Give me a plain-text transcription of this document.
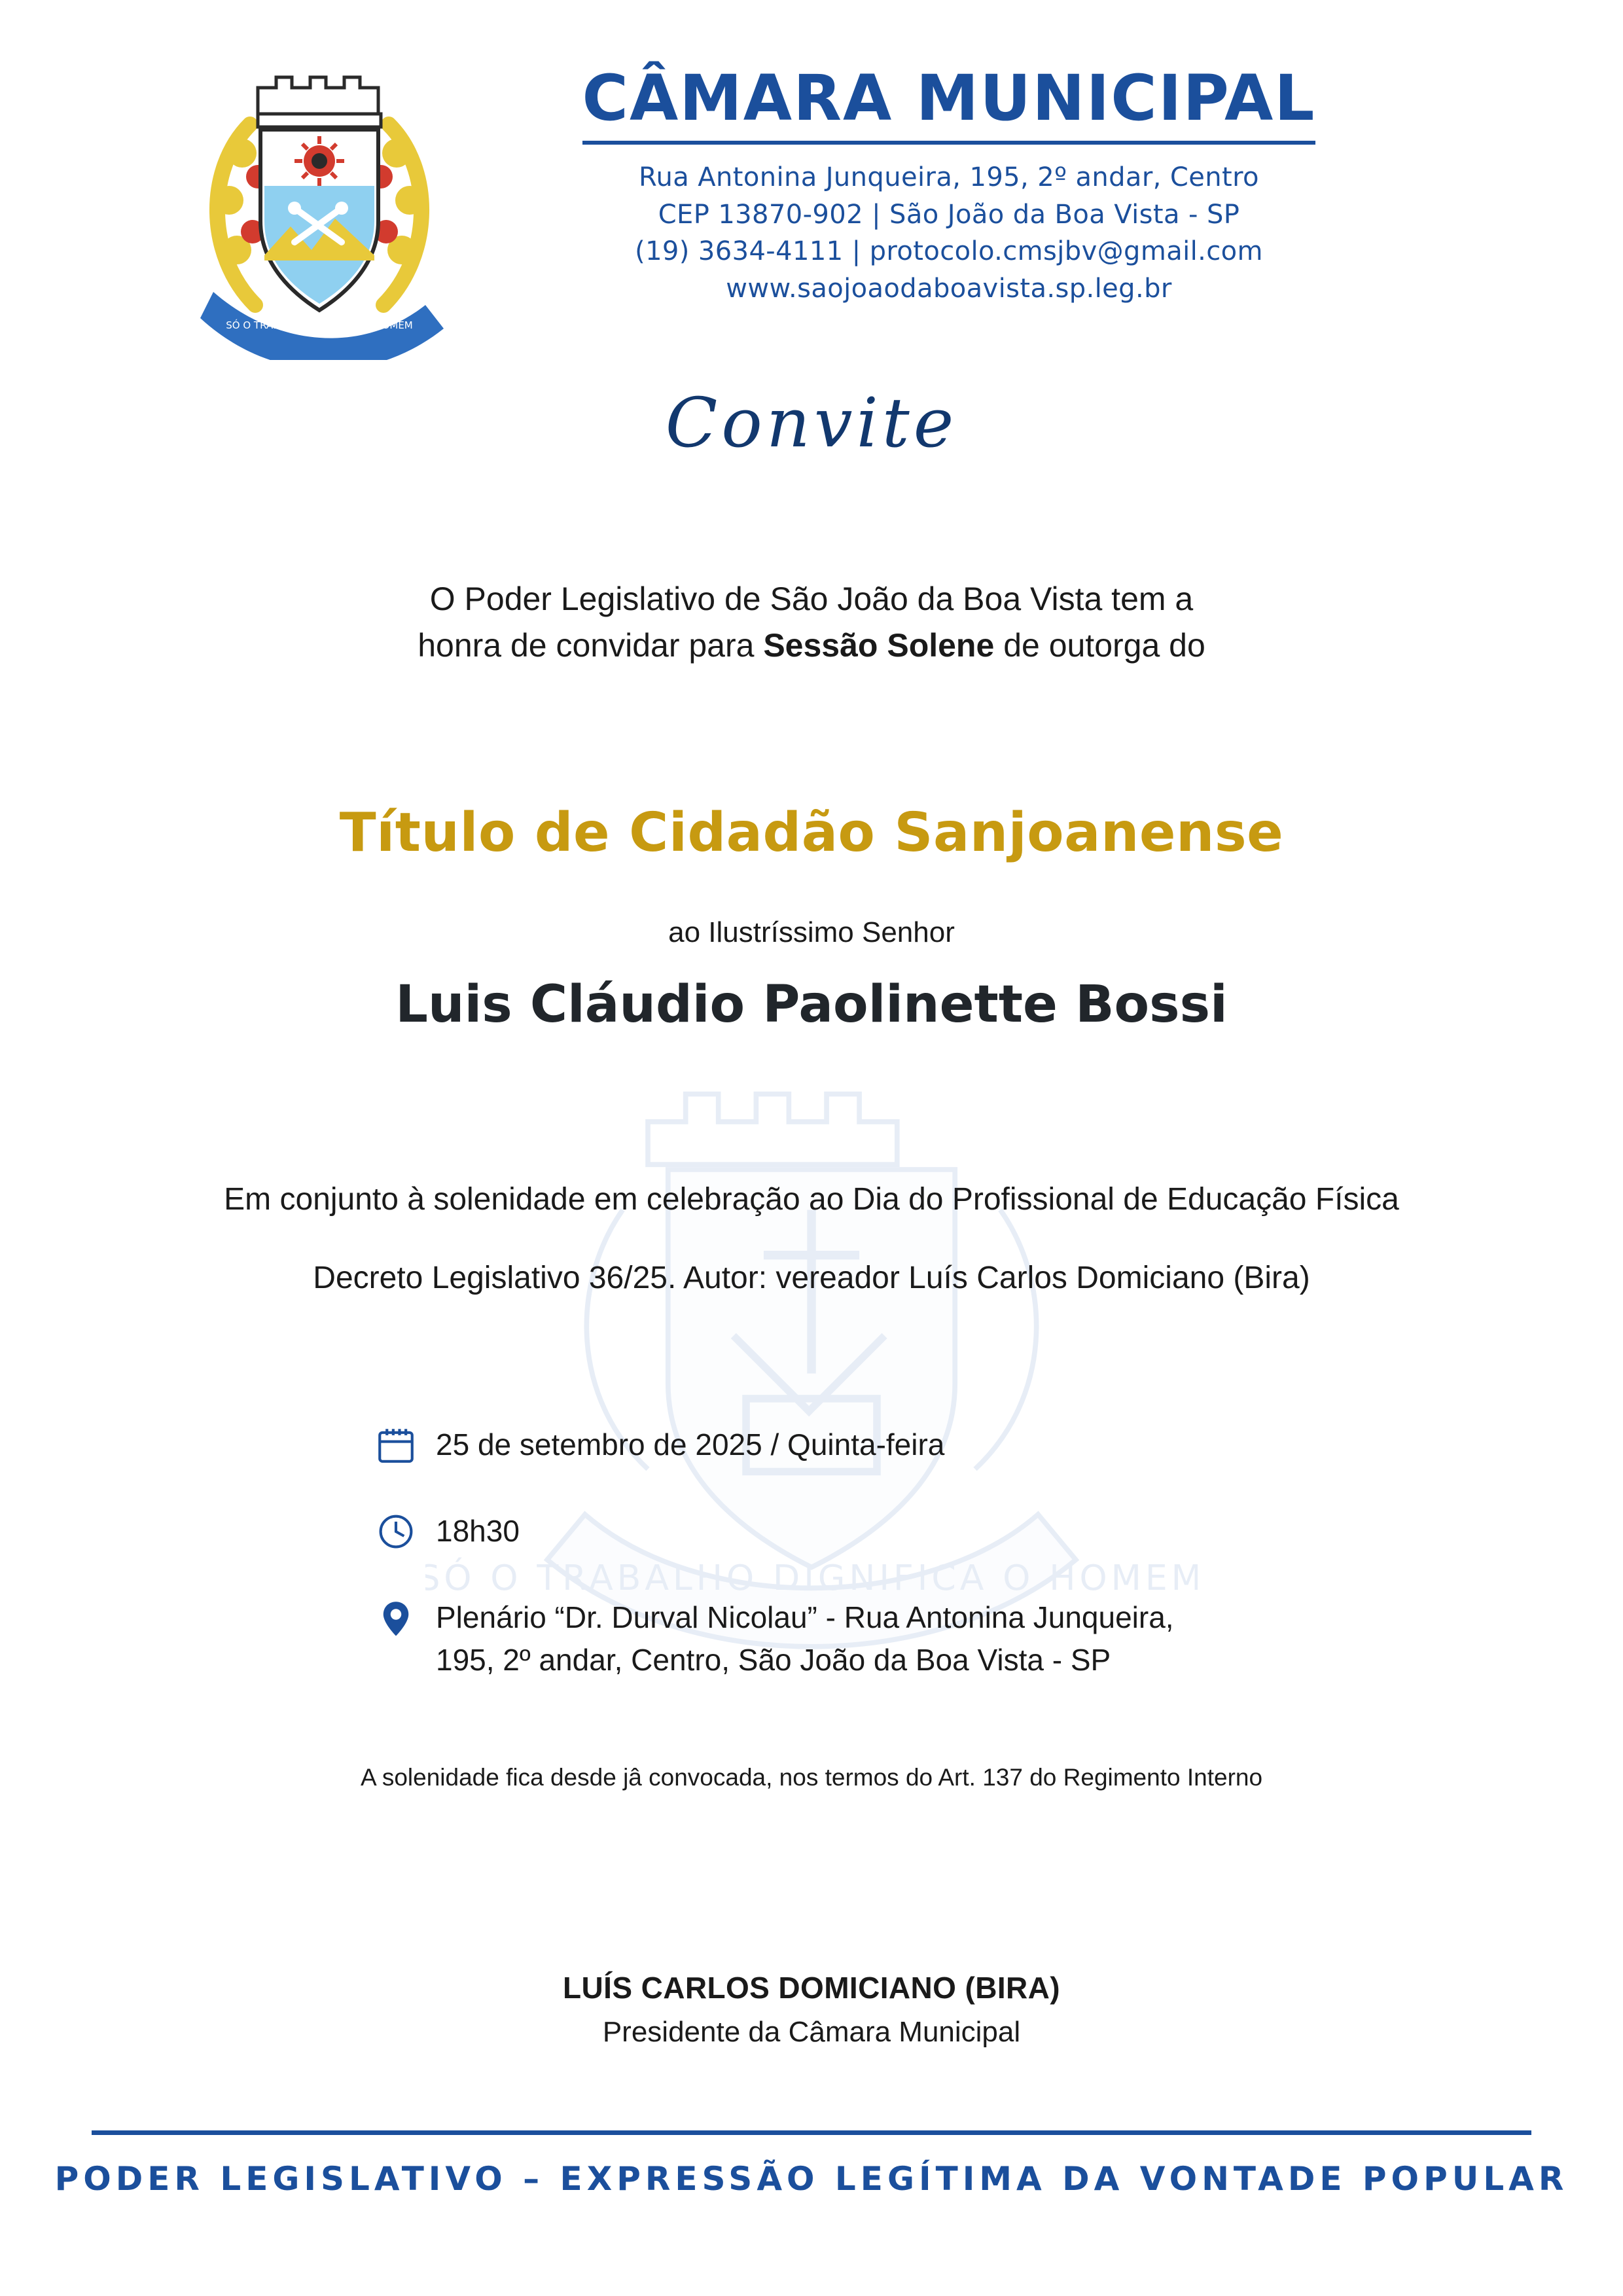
SÓ O TRABALHO DIGNIFICA O HOMEM
SÓ O TRABALHO DIGNIFICA O HOMEM
CÂMARA MUNICIPAL
Rua Antonina Junqueira, 195, 2º andar, Centro
CEP 13870-902 | São João da Boa Vista - SP
(19) 3634-4111 | protocolo.cmsjbv@gmail.com
www.saojoaodaboavista.sp.leg.br
Convite
O Poder Legislativo de São João da Boa Vista tem a
honra de convidar para Sessão Solene de outorga do
Título de Cidadão Sanjoanense
ao Ilustríssimo Senhor
Luis Cláudio Paolinette Bossi
Em conjunto à solenidade em celebração ao Dia do Profissional de Educação Física
Decreto Legislativo 36/25. Autor: vereador Luís Carlos Domiciano (Bira)
25 de setembro de 2025 / Quinta-feira
18h30
Plenário “Dr. Durval Nicolau” - Rua Antonina Junqueira,
195, 2º andar, Centro, São João da Boa Vista - SP
A solenidade fica desde jâ convocada, nos termos do Art. 137 do Regimento Interno
LUÍS CARLOS DOMICIANO (BIRA)
Presidente da Câmara Municipal
PODER LEGISLATIVO – EXPRESSÃO LEGÍTIMA DA VONTADE POPULAR
